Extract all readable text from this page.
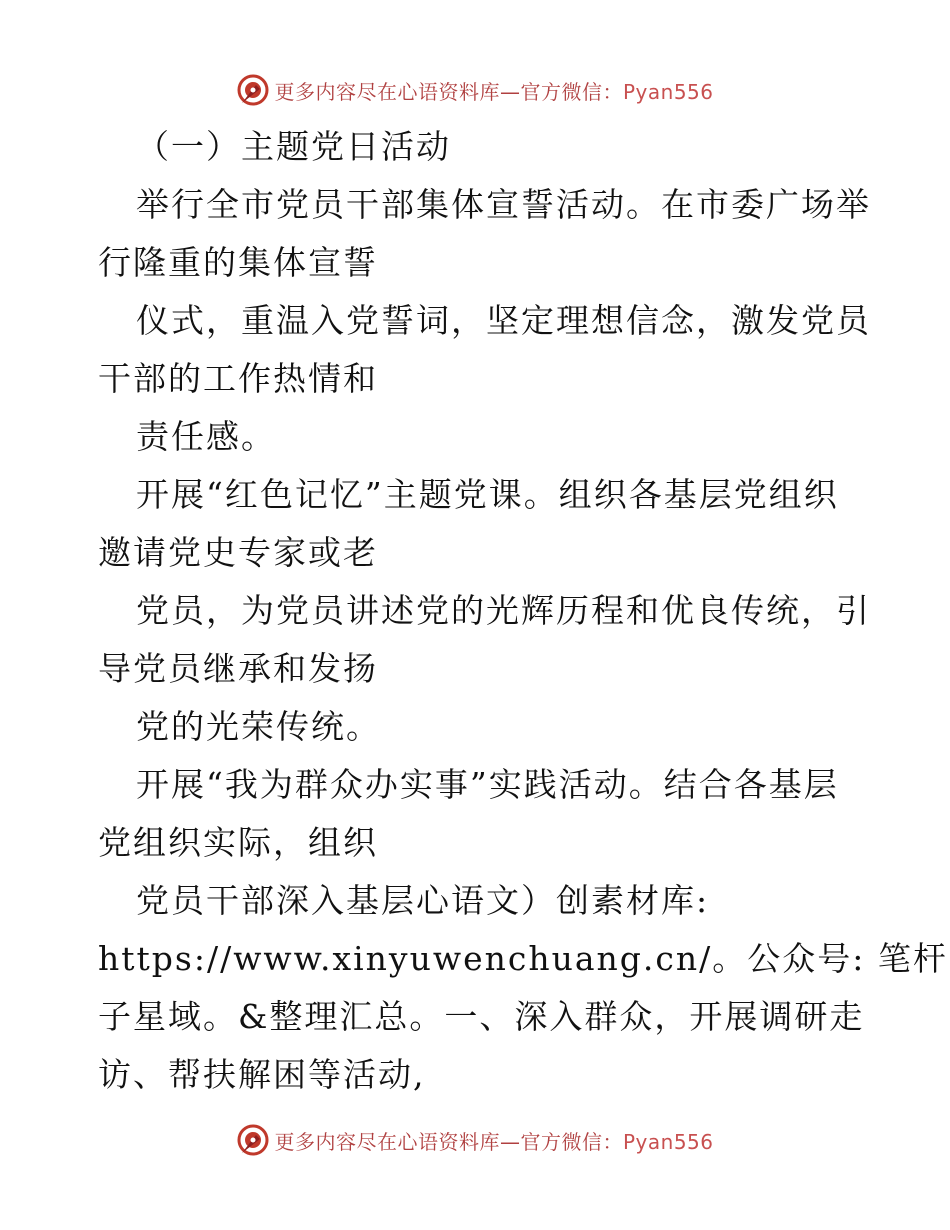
更多内容尽在心语资料库—官方微信：Pyan556
（一）主题党日活动
举行全市党员干部集体宣誓活动。在市委广场举
行隆重的集体宣誓
仪式，重温入党誓词，坚定理想信念，激发党员
干部的工作热情和
责任感。
开展“红色记忆”主题党课。组织各基层党组织
邀请党史专家或老
党员，为党员讲述党的光辉历程和优良传统，引
导党员继承和发扬
党的光荣传统。
开展“我为群众办实事”实践活动。结合各基层
党组织实际，组织
党员干部深入基层心语文）创素材库:
https://www.xinyuwenchuang.cn/。公众号: 笔杆
子星域。&整理汇总。一、深入群众，开展调研走
访、帮扶解困等活动,
更多内容尽在心语资料库—官方微信：Pyan556
